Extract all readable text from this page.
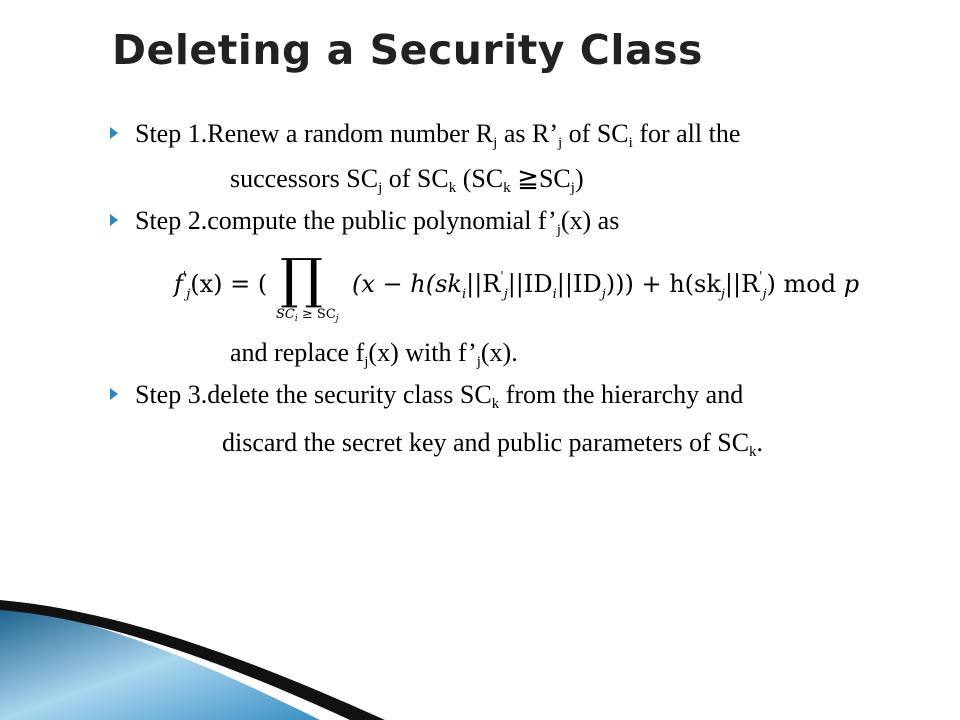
Deleting a Security Class
Step 1.Renew a random number $R_j$ as $R’_j$ of $SC_i$ for all the
successors $SC_j$ of $SC_k$ ($SC_k$ $≧SC_j$)
Step 2.compute the public polynomial $f’_j(x)$ as
$f'_j(x)$ = ( ∏
$SC_i \ge SC_j$
$(x - h(sk_i||R'_j||ID_i||ID_j))) + h(sk_j||R'_j)$ mod p
and replace $f_j(x)$ with $f’_j(x)$.
Step 3.delete the security class $SC_k$ from the hierarchy and
discard the secret key and public parameters of $SC_k$.
